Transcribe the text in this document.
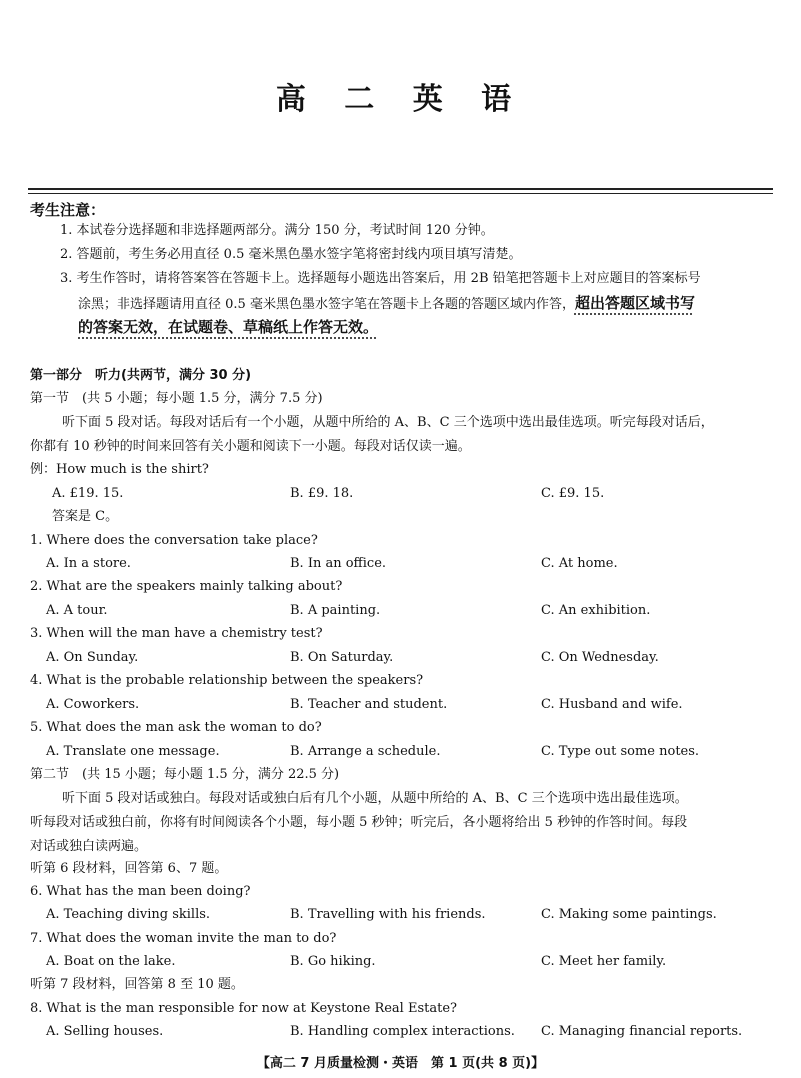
高 二 英 语
考生注意：
1. 本试卷分选择题和非选择题两部分。满分 150 分，考试时间 120 分钟。
2. 答题前，考生务必用直径 0.5 毫米黑色墨水签字笔将密封线内项目填写清楚。
3. 考生作答时，请将答案答在答题卡上。选择题每小题选出答案后，用 2B 铅笔把答题卡上对应题目的答案标号
涂黑；非选择题请用直径 0.5 毫米黑色墨水签字笔在答题卡上各题的答题区域内作答，超出答题区域书写
的答案无效，在试题卷、草稿纸上作答无效。
第一部分　听力(共两节，满分 30 分)
第一节　(共 5 小题；每小题 1.5 分，满分 7.5 分)
听下面 5 段对话。每段对话后有一个小题，从题中所给的 A、B、C 三个选项中选出最佳选项。听完每段对话后，
你都有 10 秒钟的时间来回答有关小题和阅读下一小题。每段对话仅读一遍。
例：How much is the shirt?
A. £19. 15.	B. £9. 18.	C. £9. 15.
答案是 C。
1. Where does the conversation take place?
A. In a store.	B. In an office.	C. At home.
2. What are the speakers mainly talking about?
A. A tour.	B. A painting.	C. An exhibition.
3. When will the man have a chemistry test?
A. On Sunday.	B. On Saturday.	C. On Wednesday.
4. What is the probable relationship between the speakers?
A. Coworkers.	B. Teacher and student.	C. Husband and wife.
5. What does the man ask the woman to do?
A. Translate one message.	B. Arrange a schedule.	C. Type out some notes.
第二节　(共 15 小题；每小题 1.5 分，满分 22.5 分)
听下面 5 段对话或独白。每段对话或独白后有几个小题，从题中所给的 A、B、C 三个选项中选出最佳选项。
听每段对话或独白前，你将有时间阅读各个小题，每小题 5 秒钟；听完后，各小题将给出 5 秒钟的作答时间。每段
对话或独白读两遍。
听第 6 段材料，回答第 6、7 题。
6. What has the man been doing?
A. Teaching diving skills.	B. Travelling with his friends.	C. Making some paintings.
7. What does the woman invite the man to do?
A. Boat on the lake.	B. Go hiking.	C. Meet her family.
听第 7 段材料，回答第 8 至 10 题。
8. What is the man responsible for now at Keystone Real Estate?
A. Selling houses.	B. Handling complex interactions. C. Managing financial reports.
【高二 7 月质量检测・英语　第 1 页(共 8 页)】
